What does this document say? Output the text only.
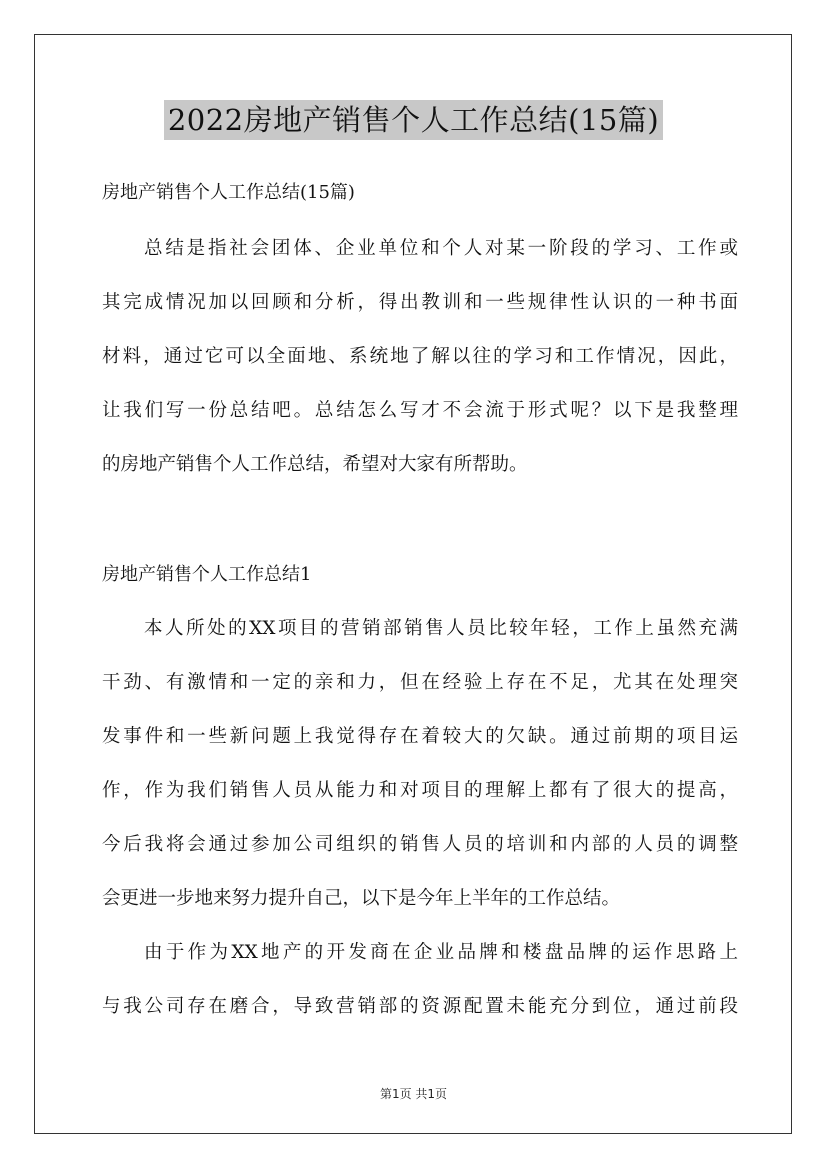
2022房地产销售个人工作总结(15篇)
房地产销售个人工作总结(15篇)
总结是指社会团体、企业单位和个人对某一阶段的学习、工作或
其完成情况加以回顾和分析，得出教训和一些规律性认识的一种书面
材料，通过它可以全面地、系统地了解以往的学习和工作情况，因此，
让我们写一份总结吧。总结怎么写才不会流于形式呢？以下是我整理
的房地产销售个人工作总结，希望对大家有所帮助。
房地产销售个人工作总结1
本人所处的XX项目的营销部销售人员比较年轻，工作上虽然充满
干劲、有激情和一定的亲和力，但在经验上存在不足，尤其在处理突
发事件和一些新问题上我觉得存在着较大的欠缺。通过前期的项目运
作，作为我们销售人员从能力和对项目的理解上都有了很大的提高，
今后我将会通过参加公司组织的销售人员的培训和内部的人员的调整
会更进一步地来努力提升自己，以下是今年上半年的工作总结。
由于作为XX地产的开发商在企业品牌和楼盘品牌的运作思路上
与我公司存在磨合，导致营销部的资源配置未能充分到位，通过前段
第1页 共1页
